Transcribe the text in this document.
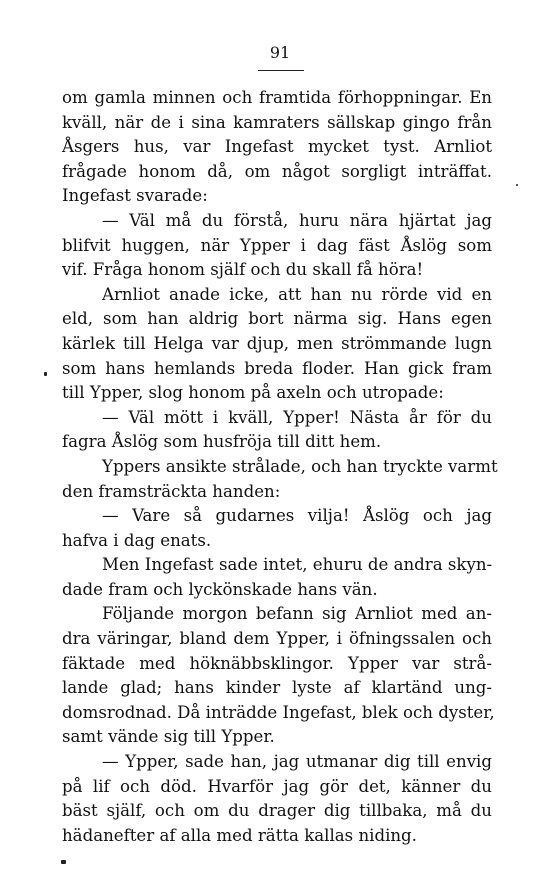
91
om gamla minnen och framtida förhoppningar. En
kväll, när de i sina kamraters sällskap gingo från
Åsgers hus, var Ingefast mycket tyst. Arnliot
frågade honom då, om något sorgligt inträffat.
Ingefast svarade:
— Väl må du förstå, huru nära hjärtat jag
blifvit huggen, när Ypper i dag fäst Åslög som
vif. Fråga honom själf och du skall få höra!
Arnliot anade icke, att han nu rörde vid en
eld, som han aldrig bort närma sig. Hans egen
kärlek till Helga var djup, men strömmande lugn
som hans hemlands breda floder. Han gick fram
till Ypper, slog honom på axeln och utropade:
— Väl mött i kväll, Ypper! Nästa år för du
fagra Åslög som husfröja till ditt hem.
Yppers ansikte strålade, och han tryckte varmt
den framsträckta handen:
— Vare så gudarnes vilja! Åslög och jag
hafva i dag enats.
Men Ingefast sade intet, ehuru de andra skyn-
dade fram och lyckönskade hans vän.
Följande morgon befann sig Arnliot med an-
dra väringar, bland dem Ypper, i öfningssalen och
fäktade med höknäbbsklingor. Ypper var strå-
lande glad; hans kinder lyste af klartänd ung-
domsrodnad. Då inträdde Ingefast, blek och dyster,
samt vände sig till Ypper.
— Ypper, sade han, jag utmanar dig till envig
på lif och död. Hvarför jag gör det, känner du
bäst själf, och om du drager dig tillbaka, må du
hädanefter af alla med rätta kallas niding.
